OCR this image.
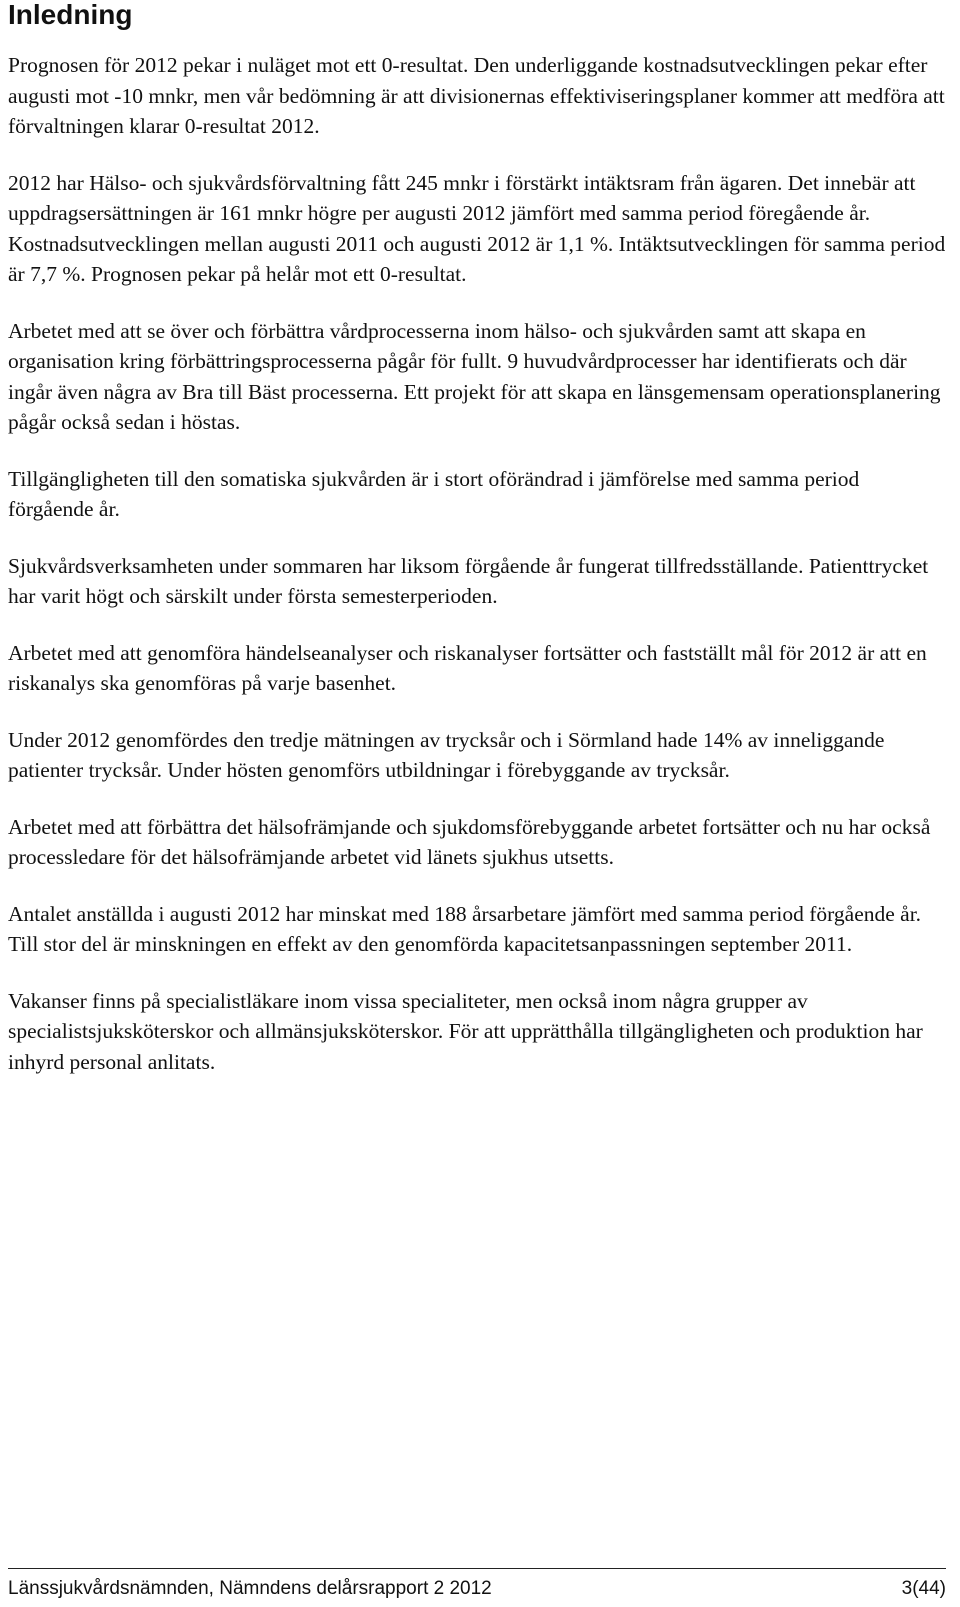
Inledning

Prognosen för 2012 pekar i nuläget mot ett 0-resultat. Den underliggande kostnadsutvecklingen pekar efter augusti mot -10 mnkr, men vår bedömning är att divisionernas effektiviseringsplaner kommer att medföra att förvaltningen klarar 0-resultat 2012.

2012 har Hälso- och sjukvårdsförvaltning fått 245 mnkr i förstärkt intäktsram från ägaren. Det innebär att uppdragsersättningen är 161 mnkr högre per augusti 2012 jämfört med samma period föregående år. Kostnadsutvecklingen mellan augusti 2011 och augusti 2012 är 1,1 %. Intäktsutvecklingen för samma period är 7,7 %. Prognosen pekar på helår mot ett 0-resultat.

Arbetet med att se över och förbättra vårdprocesserna inom hälso- och sjukvården samt att skapa en organisation kring förbättringsprocesserna pågår för fullt. 9 huvudvårdprocesser har identifierats och där ingår även några av Bra till Bäst processerna. Ett projekt för att skapa en länsgemensam operationsplanering pågår också sedan i höstas.

Tillgängligheten till den somatiska sjukvården är i stort oförändrad i jämförelse med samma period förgående år.

Sjukvårdsverksamheten under sommaren har liksom förgående år fungerat tillfredsställande. Patienttrycket har varit högt och särskilt under första semesterperioden.

Arbetet med att genomföra händelseanalyser och riskanalyser fortsätter och fastställt mål för 2012 är att en riskanalys ska genomföras på varje basenhet.

Under 2012 genomfördes den tredje mätningen av trycksår och i Sörmland hade 14% av inneliggande patienter trycksår. Under hösten genomförs utbildningar i förebyggande av trycksår.

Arbetet med att förbättra det hälsofrämjande och sjukdomsförebyggande arbetet fortsätter och nu har också processledare för det hälsofrämjande arbetet vid länets sjukhus utsetts.

Antalet anställda i augusti 2012 har minskat med 188 årsarbetare jämfört med samma period förgående år. Till stor del är minskningen en effekt av den genomförda kapacitetsanpassningen september 2011.

Vakanser finns på specialistläkare inom vissa specialiteter, men också inom några grupper av specialistsjuksköterskor och allmänsjuksköterskor. För att upprätthålla tillgängligheten och produktion har inhyrd personal anlitats.

Länssjukvårdsnämnden, Nämndens delårsrapport 2 2012	3(44)
